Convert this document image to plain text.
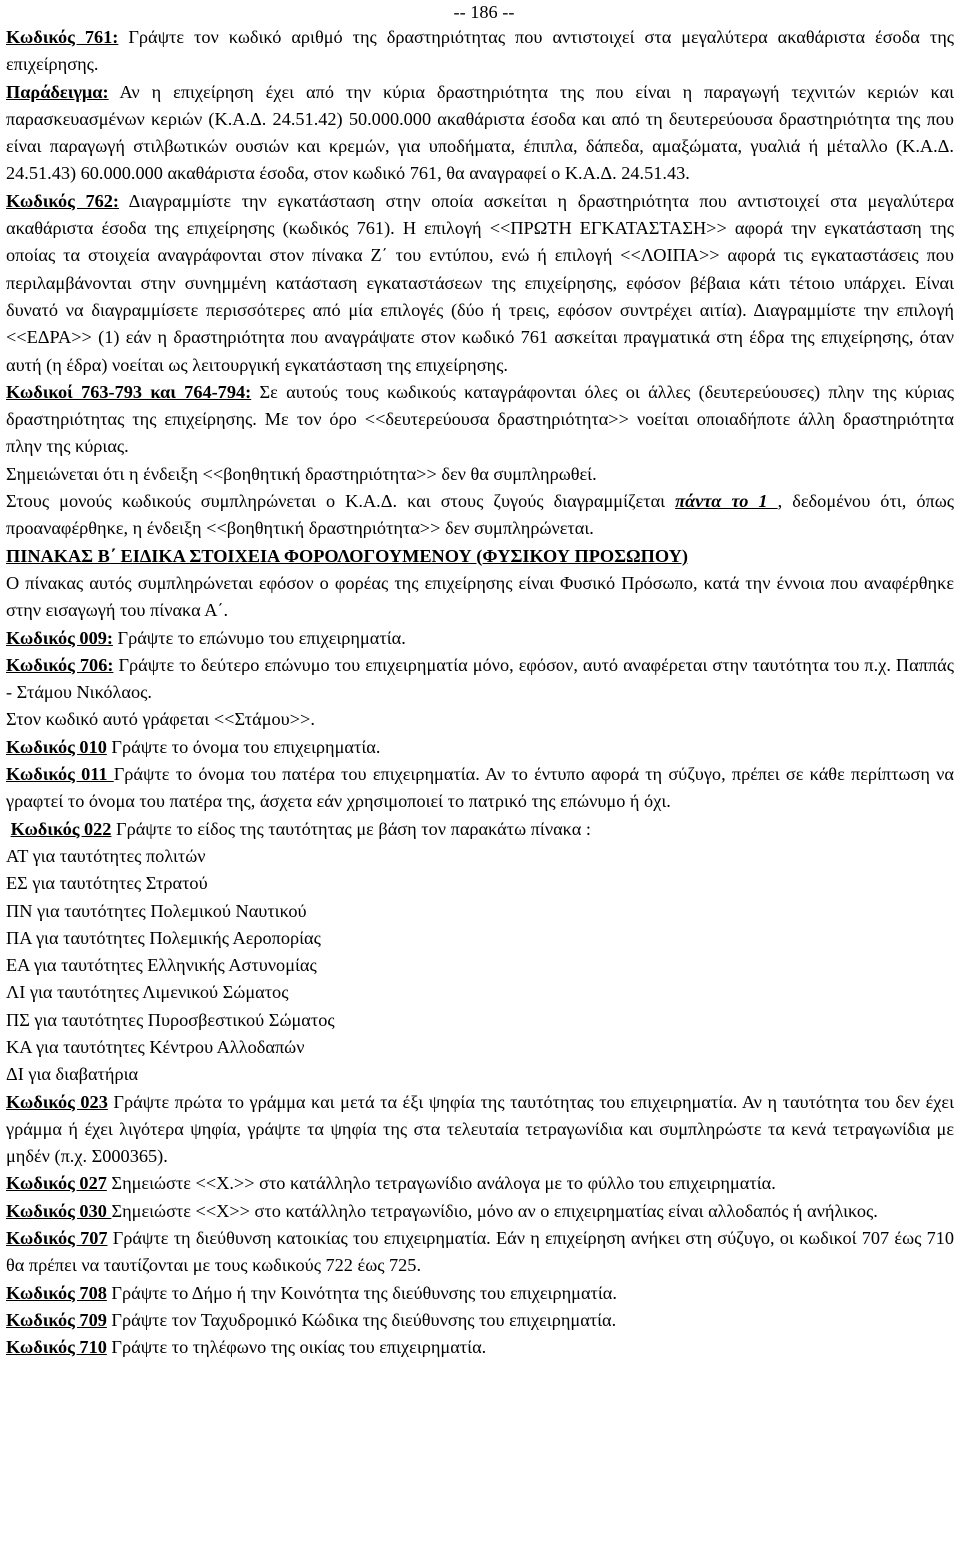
-- 186 --

Κωδικός 761: Γράψτε τον κωδικό αριθμό της δραστηριότητας που αντιστοιχεί στα μεγαλύτερα ακαθάριστα έσοδα της επιχείρησης.

Παράδειγμα: Αν η επιχείρηση έχει από την κύρια δραστηριότητα της που είναι η παραγωγή τεχνιτών κεριών και παρασκευασμένων κεριών (Κ.Α.Δ. 24.51.42) 50.000.000 ακαθάριστα έσοδα και από τη δευτερεύουσα δραστηριότητα της που είναι παραγωγή στιλβωτικών ουσιών και κρεμών, για υποδήματα, έπιπλα, δάπεδα, αμαξώματα, γυαλιά ή μέταλλο (Κ.Α.Δ. 24.51.43) 60.000.000 ακαθάριστα έσοδα, στον κωδικό 761, θα αναγραφεί ο Κ.Α.Δ. 24.51.43.

Κωδικός 762: Διαγραμμίστε την εγκατάσταση στην οποία ασκείται η δραστηριότητα που αντιστοιχεί στα μεγαλύτερα ακαθάριστα έσοδα της επιχείρησης (κωδικός 761). Η επιλογή <<ΠΡΩΤΗ ΕΓΚΑΤΑΣΤΑΣΗ>> αφορά την εγκατάσταση της οποίας τα στοιχεία αναγράφονται στον πίνακα Ζ΄ του εντύπου, ενώ ή επιλογή <<ΛΟΙΠΑ>> αφορά τις εγκαταστάσεις που περιλαμβάνονται στην συνημμένη κατάσταση εγκαταστάσεων της επιχείρησης, εφόσον βέβαια κάτι τέτοιο υπάρχει. Είναι δυνατό να διαγραμμίσετε περισσότερες από μία επιλογές (δύο ή τρεις, εφόσον συντρέχει αιτία). Διαγραμμίστε την επιλογή <<ΕΔΡΑ>> (1) εάν η δραστηριότητα που αναγράψατε στον κωδικό 761 ασκείται πραγματικά στη έδρα της επιχείρησης, όταν αυτή (η έδρα) νοείται ως λειτουργική εγκατάσταση της επιχείρησης.

Κωδικοί 763-793 και 764-794: Σε αυτούς τους κωδικούς καταγράφονται όλες οι άλλες (δευτερεύουσες) πλην της κύριας δραστηριότητας της επιχείρησης. Με τον όρο <<δευτερεύουσα δραστηριότητα>> νοείται οποιαδήποτε άλλη δραστηριότητα πλην της κύριας.

Σημειώνεται ότι η ένδειξη <<βοηθητική δραστηριότητα>> δεν θα συμπληρωθεί.

Στους μονούς κωδικούς συμπληρώνεται ο Κ.Α.Δ. και στους ζυγούς διαγραμμίζεται πάντα το 1 , δεδομένου ότι, όπως προαναφέρθηκε, η ένδειξη <<βοηθητική δραστηριότητα>> δεν συμπληρώνεται.

ΠΙΝΑΚΑΣ Β΄ ΕΙΔΙΚΑ ΣΤΟΙΧΕΙΑ ΦΟΡΟΛΟΓΟΥΜΕΝΟΥ (ΦΥΣΙΚΟΥ ΠΡΟΣΩΠΟΥ)

Ο πίνακας αυτός συμπληρώνεται εφόσον ο φορέας της επιχείρησης είναι Φυσικό Πρόσωπο, κατά την έννοια που αναφέρθηκε στην εισαγωγή του πίνακα Α΄.

Κωδικός 009: Γράψτε το επώνυμο του επιχειρηματία.

Κωδικός 706: Γράψτε το δεύτερο επώνυμο του επιχειρηματία μόνο, εφόσον, αυτό αναφέρεται στην ταυτότητα του π.χ. Παππάς - Στάμου Νικόλαος.

Στον κωδικό αυτό γράφεται <<Στάμου>>.

Κωδικός 010 Γράψτε το όνομα του επιχειρηματία.

Κωδικός 011 Γράψτε το όνομα του πατέρα του επιχειρηματία. Αν το έντυπο αφορά τη σύζυγο, πρέπει σε κάθε περίπτωση να γραφτεί το όνομα του πατέρα της, άσχετα εάν χρησιμοποιεί το πατρικό της επώνυμο ή όχι.

Κωδικός 022 Γράψτε το είδος της ταυτότητας με βάση τον παρακάτω πίνακα :

ΑΤ για ταυτότητες πολιτών

ΕΣ για ταυτότητες Στρατού

ΠΝ για ταυτότητες Πολεμικού Ναυτικού

ΠΑ για ταυτότητες Πολεμικής Αεροπορίας

ΕΑ για ταυτότητες Ελληνικής Αστυνομίας

ΛΙ για ταυτότητες Λιμενικού Σώματος

ΠΣ για ταυτότητες Πυροσβεστικού Σώματος

ΚΑ για ταυτότητες Κέντρου Αλλοδαπών

ΔΙ για διαβατήρια

Κωδικός 023 Γράψτε πρώτα το γράμμα και μετά τα έξι ψηφία της ταυτότητας του επιχειρηματία. Αν η ταυτότητα του δεν έχει γράμμα ή έχει λιγότερα ψηφία, γράψτε τα ψηφία της στα τελευταία τετραγωνίδια και συμπληρώστε τα κενά τετραγωνίδια με μηδέν (π.χ. Σ000365).

Κωδικός 027 Σημειώστε <<Χ.>> στο κατάλληλο τετραγωνίδιο ανάλογα με το φύλλο του επιχειρηματία.

Κωδικός 030 Σημειώστε <<Χ>> στο κατάλληλο τετραγωνίδιο, μόνο αν ο επιχειρηματίας είναι αλλοδαπός ή ανήλικος.

Κωδικός 707 Γράψτε τη διεύθυνση κατοικίας του επιχειρηματία. Εάν η επιχείρηση ανήκει στη σύζυγο, οι κωδικοί 707 έως 710 θα πρέπει να ταυτίζονται με τους κωδικούς 722 έως 725.

Κωδικός 708 Γράψτε το Δήμο ή την Κοινότητα της διεύθυνσης του επιχειρηματία.

Κωδικός 709 Γράψτε τον Ταχυδρομικό Κώδικα της διεύθυνσης του επιχειρηματία.

Κωδικός 710 Γράψτε το τηλέφωνο της οικίας του επιχειρηματία.
